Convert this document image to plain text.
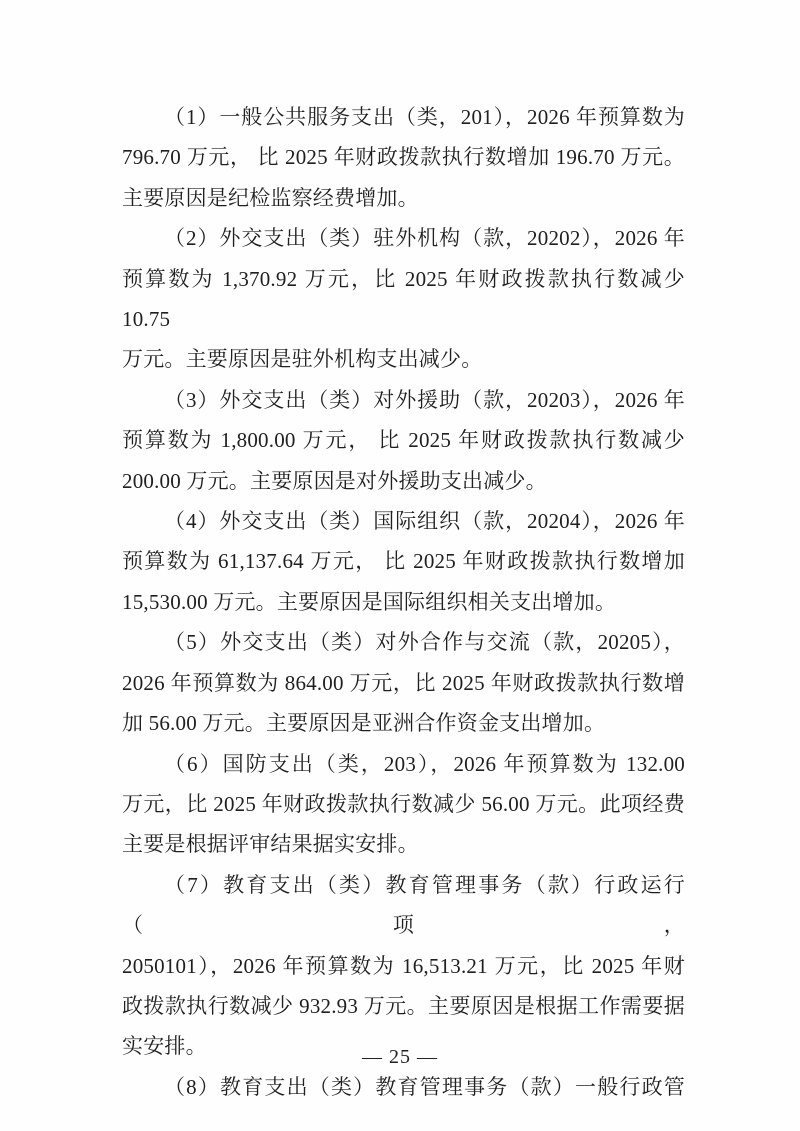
（1）一般公共服务支出（类，201），2026 年预算数为
796.70 万元， 比 2025 年财政拨款执行数增加 196.70 万元。
主要原因是纪检监察经费增加。
（2）外交支出（类）驻外机构（款，20202），2026 年
预算数为 1,370.92 万元，比 2025 年财政拨款执行数减少 10.75
万元。主要原因是驻外机构支出减少。
（3）外交支出（类）对外援助（款，20203），2026 年
预算数为 1,800.00 万元， 比 2025 年财政拨款执行数减少
200.00 万元。主要原因是对外援助支出减少。
（4）外交支出（类）国际组织（款，20204），2026 年
预算数为 61,137.64 万元， 比 2025 年财政拨款执行数增加
15,530.00 万元。主要原因是国际组织相关支出增加。
（5）外交支出（类）对外合作与交流（款，20205），
2026 年预算数为 864.00 万元，比 2025 年财政拨款执行数增
加 56.00 万元。主要原因是亚洲合作资金支出增加。
（6）国防支出（类，203），2026 年预算数为 132.00
万元，比 2025 年财政拨款执行数减少 56.00 万元。此项经费
主要是根据评审结果据实安排。
（7）教育支出（类）教育管理事务（款）行政运行（项，
2050101），2026 年预算数为 16,513.21 万元，比 2025 年财
政拨款执行数减少 932.93 万元。主要原因是根据工作需要据
实安排。
（8）教育支出（类）教育管理事务（款）一般行政管
— 25 —
